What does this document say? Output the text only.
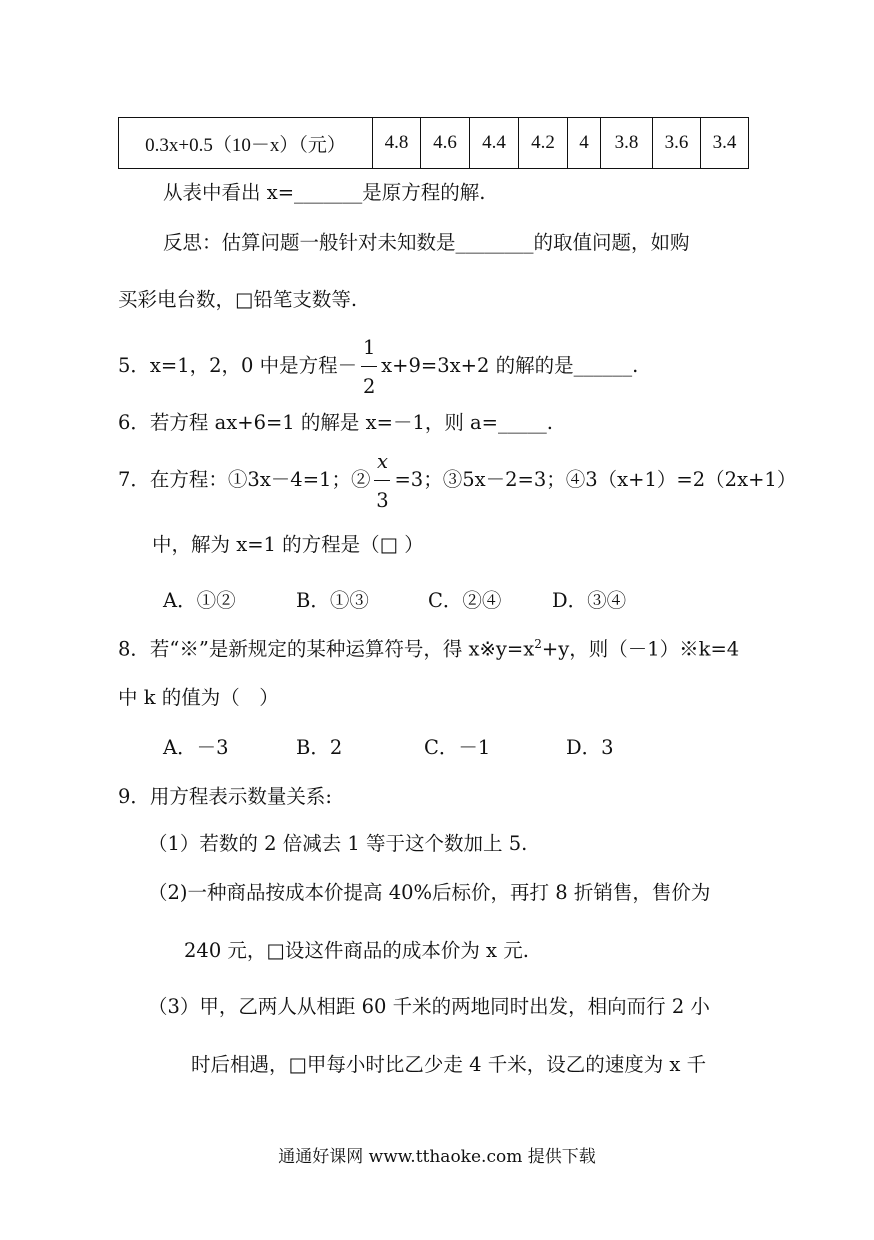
0.3x+0.5（10－x）（元）	4.8	4.6	4.4	4.2	4	3.8	3.6	3.4
从表中看出 x=_______是原方程的解.
反思：估算问题一般针对未知数是________的取值问题，如购
买彩电台数，□铅笔支数等.
5．x=1，2，0 中是方程－ $\frac{1}{2} x+9=3x+2$ 的解的是______.
6．若方程 ax+6=1 的解是 x=－1，则 a=_____.
7．在方程：①3x－4=1；② $\frac{x}{3} =3$；③5x－2=3；④3（x+1）=2（2x+1）
中，解为 x=1 的方程是（□ ）
A．①②	B．①③	C．②④	D．③④
8．若“※”是新规定的某种运算符号，得 $x※y=x^2+y$，则（－1）※k=4
中 k 的值为（　）
A．－3	B．2	C．－1	D．3
9．用方程表示数量关系:
（1）若数的 2 倍减去 1 等于这个数加上 5.
（2)一种商品按成本价提高 40%后标价，再打 8 折销售，售价为
240 元，□设这件商品的成本价为 x 元.
（3）甲，乙两人从相距 60 千米的两地同时出发，相向而行 2 小
时后相遇，□甲每小时比乙少走 4 千米，设乙的速度为 x 千
通通好课网 www.tthaoke.com 提供下载
